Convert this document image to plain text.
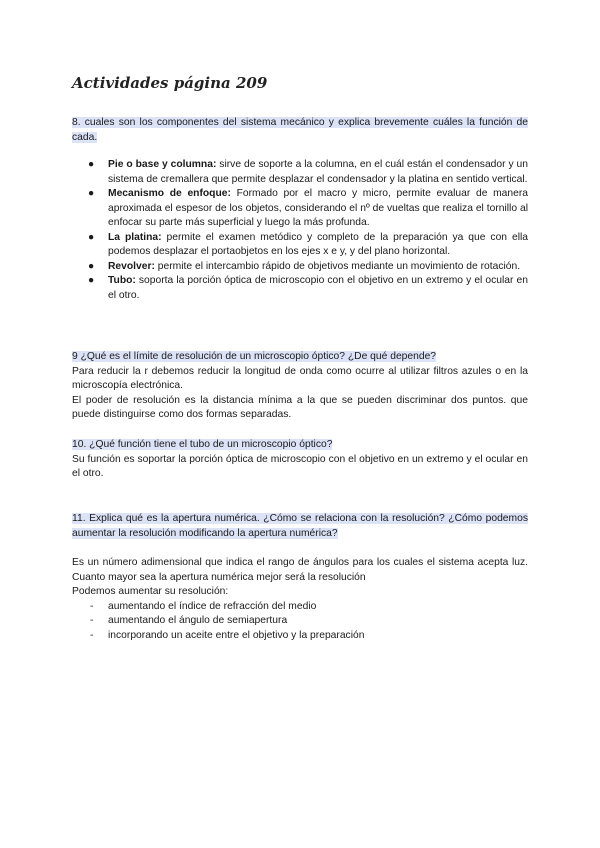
Actividades página 209
8. cuales son los componentes del sistema mecánico y explica brevemente cuáles la función de cada.
● Pie o base y columna: sirve de soporte a la columna, en el cuál están el condensador y un sistema de cremallera que permite desplazar el condensador y la platina en sentido vertical.
● Mecanismo de enfoque: Formado por el macro y micro, permite evaluar de manera aproximada el espesor de los objetos, considerando el nº de vueltas que realiza el tornillo al enfocar su parte más superficial y luego la más profunda.
● La platina: permite el examen metódico y completo de la preparación ya que con ella podemos desplazar el portaobjetos en los ejes x e y, y del plano horizontal.
● Revolver: permite el intercambio rápido de objetivos mediante un movimiento de rotación.
● Tubo: soporta la porción óptica de microscopio con el objetivo en un extremo y el ocular en el otro.

9 ¿Qué es el límite de resolución de un microscopio óptico? ¿De qué depende?

Para reducir la r debemos reducir la longitud de onda como ocurre al utilizar filtros azules o en la microscopía electrónica.

El poder de resolución es la distancia mínima a la que se pueden discriminar dos puntos. que puede distinguirse como dos formas separadas.

10. ¿Qué función tiene el tubo de un microscopio óptico?

Su función es soportar la porción óptica de microscopio con el objetivo en un extremo y el ocular en el otro.

11. Explica qué es la apertura numérica. ¿Cómo se relaciona con la resolución? ¿Cómo podemos aumentar la resolución modificando la apertura numérica?

Es un número adimensional que indica el rango de ángulos para los cuales el sistema acepta luz. Cuanto mayor sea la apertura numérica mejor será la resolución

Podemos aumentar su resolución:

- aumentando el índice de refracción del medio
- aumentando el ángulo de semiapertura
- incorporando un aceite entre el objetivo y la preparación
